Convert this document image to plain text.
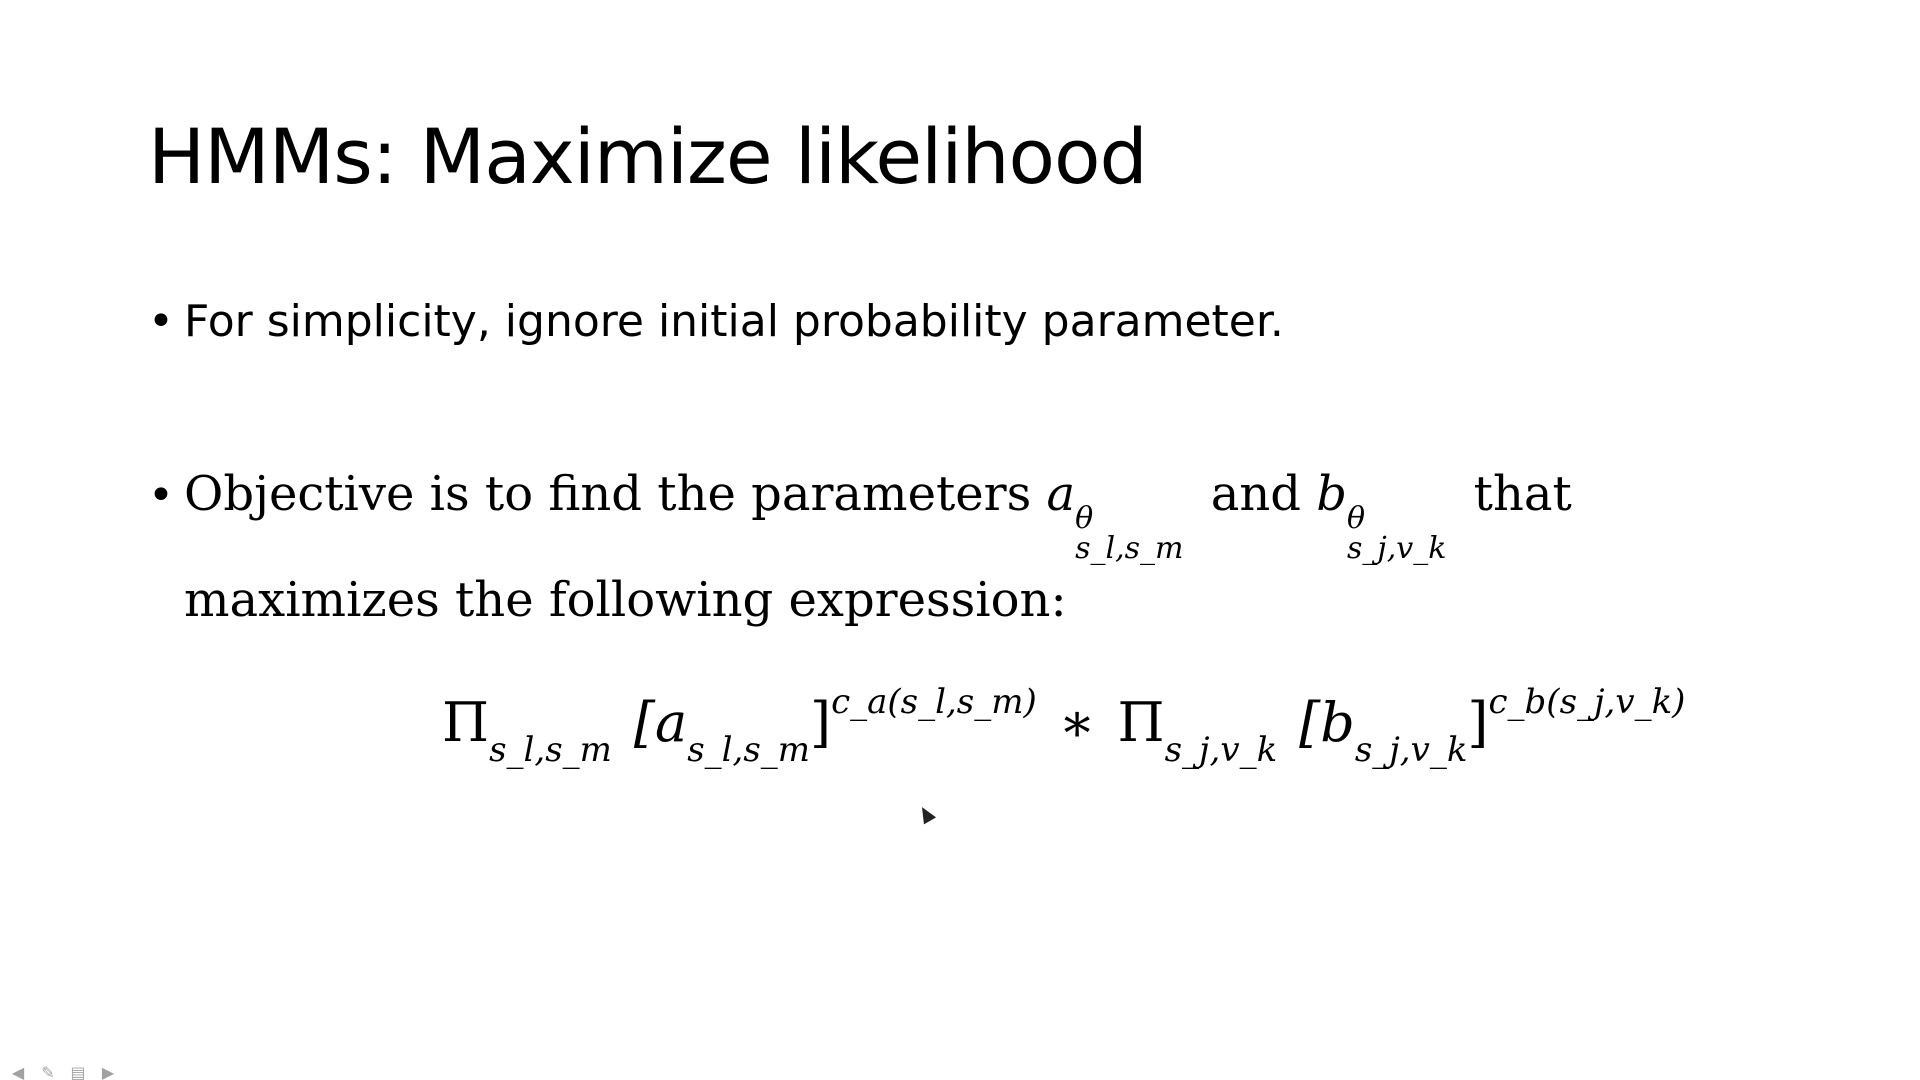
HMMs: Maximize likelihood
• For simplicity, ignore initial probability parameter.
• Objective is to find the parameters a θ
s_l,s_m
and b θ
s_j,v_k
that maximizes the following expression:
$\Pi_{s\_l,s\_m}$ $[a_{s\_l,s\_m}]^{c\_a(s\_l,s\_m)}$ ∗ $\Pi_{s\_j,v\_k}$ $[b_{s\_j,v\_k}]^{c\_b(s\_j,v\_k)}$
◀	✎ ▤	▶
